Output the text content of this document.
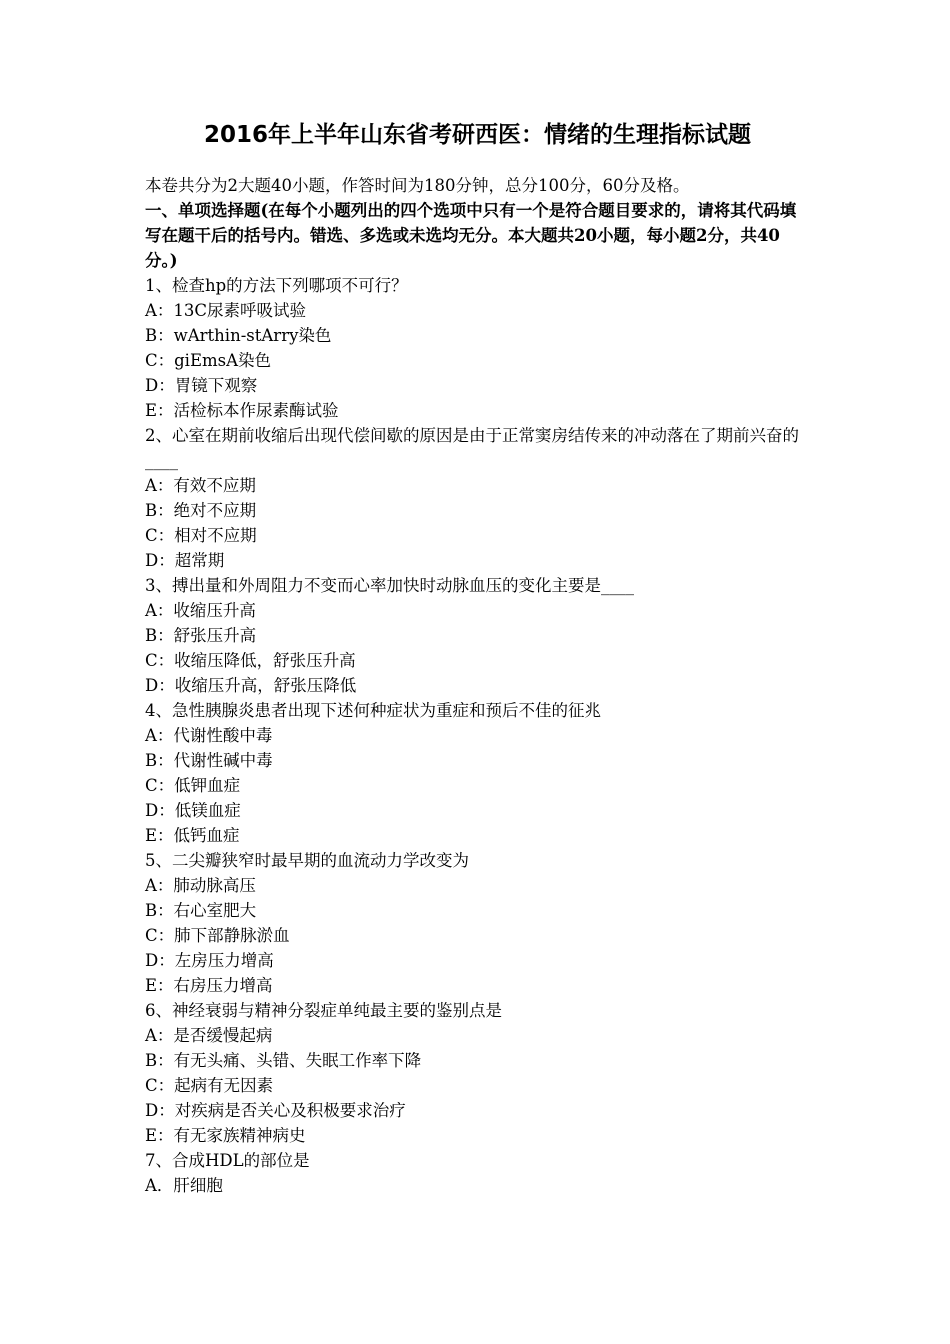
2016年上半年山东省考研西医：情绪的生理指标试题
本卷共分为2大题40小题，作答时间为180分钟，总分100分，60分及格。
一、单项选择题(在每个小题列出的四个选项中只有一个是符合题目要求的，请将其代码填写在题干后的括号内。错选、多选或未选均无分。本大题共20小题，每小题2分，共40分。)
1、检查hp的方法下列哪项不可行？
A：13C尿素呼吸试验
B：wArthin-stArry染色
C：giEmsA染色
D：胃镜下观察
E：活检标本作尿素酶试验
2、心室在期前收缩后出现代偿间歇的原因是由于正常窦房结传来的冲动落在了期前兴奋的____
A：有效不应期
B：绝对不应期
C：相对不应期
D：超常期
3、搏出量和外周阻力不变而心率加快时动脉血压的变化主要是____
A：收缩压升高
B：舒张压升高
C：收缩压降低，舒张压升高
D：收缩压升高，舒张压降低
4、急性胰腺炎患者出现下述何种症状为重症和预后不佳的征兆
A：代谢性酸中毒
B：代谢性碱中毒
C：低钾血症
D：低镁血症
E：低钙血症
5、二尖瓣狭窄时最早期的血流动力学改变为
A：肺动脉高压
B：右心室肥大
C：肺下部静脉淤血
D：左房压力增高
E：右房压力增高
6、神经衰弱与精神分裂症单纯最主要的鉴别点是
A：是否缓慢起病
B：有无头痛、头错、失眠工作率下降
C：起病有无因素
D：对疾病是否关心及积极要求治疗
E：有无家族精神病史
7、合成HDL的部位是
A．肝细胞
